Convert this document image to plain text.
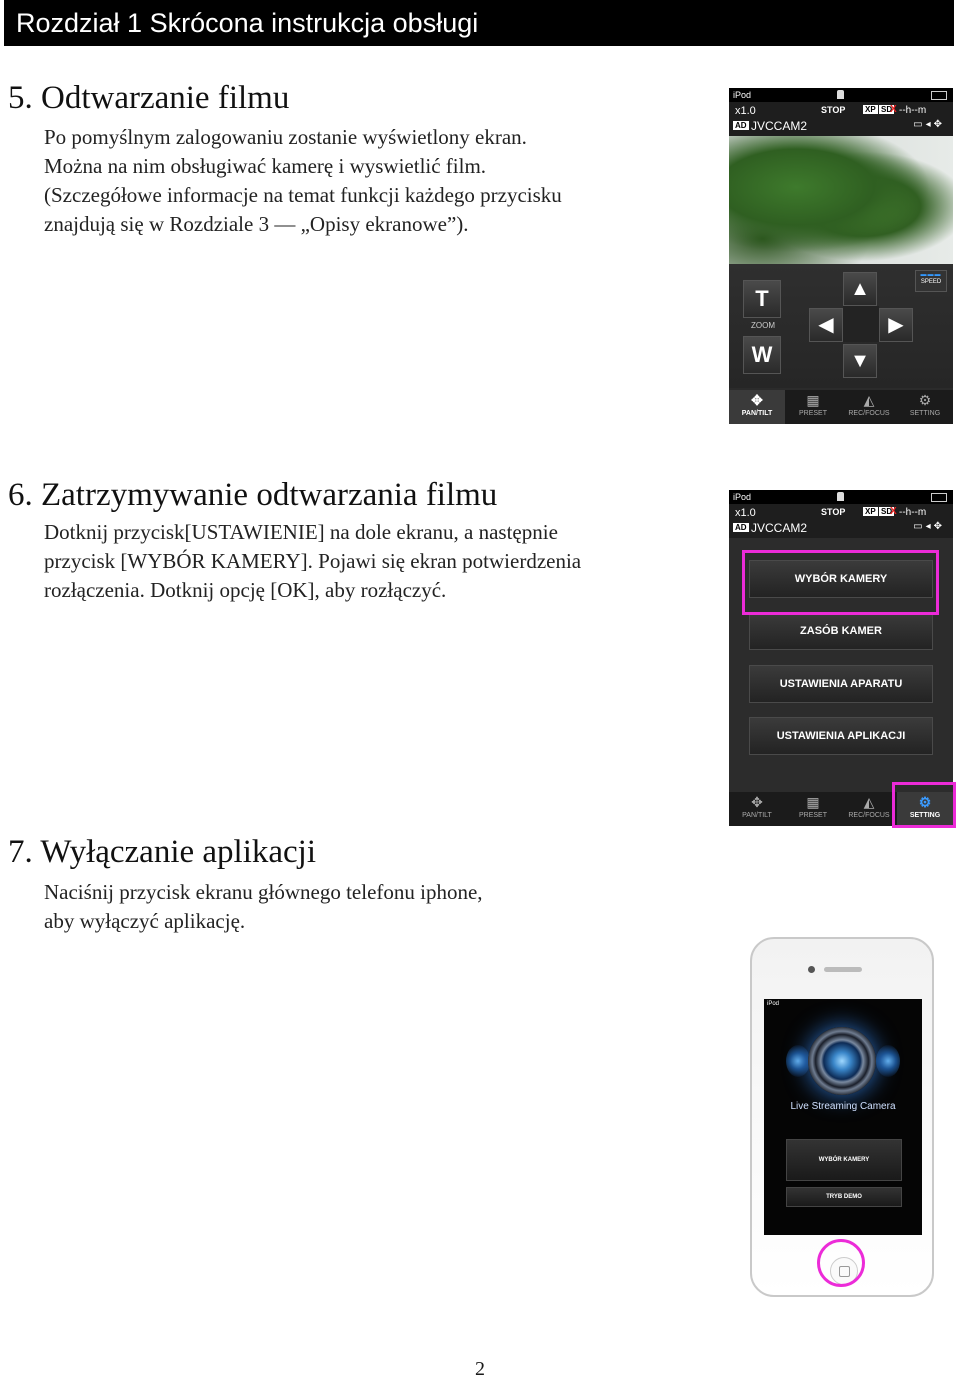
Rozdział 1 Skrócona instrukcja obsługi
5. Odtwarzanie filmu

Po pomyślnym zalogowaniu zostanie wyświetlony ekran.

Można na nim obsługiwać kamerę i wyswietlić film.

(Szczegółowe informacje na temat funkcji każdego przycisku

znajdują się w Rozdziale 3 ― „Opisy ekranowe”).

iPod
x1.0	STOP XP SD
X --h--m
AD JVCCAM2	▭◂✥
T
ZOOM
W
▲
◀	▶
▼
▬▬▬
SPEED
✥
PAN/TILT
▦
PRESET
◭
REC/FOCUS
⚙
SETTING
6. Zatrzymywanie odtwarzania filmu

Dotknij przycisk[USTAWIENIE] na dole ekranu, a następnie

przycisk [WYBÓR KAMERY]. Pojawi się ekran potwierdzenia

rozłączenia. Dotknij opcję [OK], aby rozłączyć.

iPod
x1.0	STOP XP SD
X --h--m
AD JVCCAM2	▭◂✥
WYBÓR KAMERY
ZASÓB KAMER
USTAWIENIA APARATU
USTAWIENIA APLIKACJI
✥
PAN/TILT
▦
PRESET
◭
REC/FOCUS
⚙
SETTING
7. Wyłączanie aplikacji

Naciśnij przycisk ekranu głównego telefonu iphone,

aby wyłączyć aplikację.

iPod
Live Streaming Camera
WYBÓR KAMERY
TRYB DEMO
2
